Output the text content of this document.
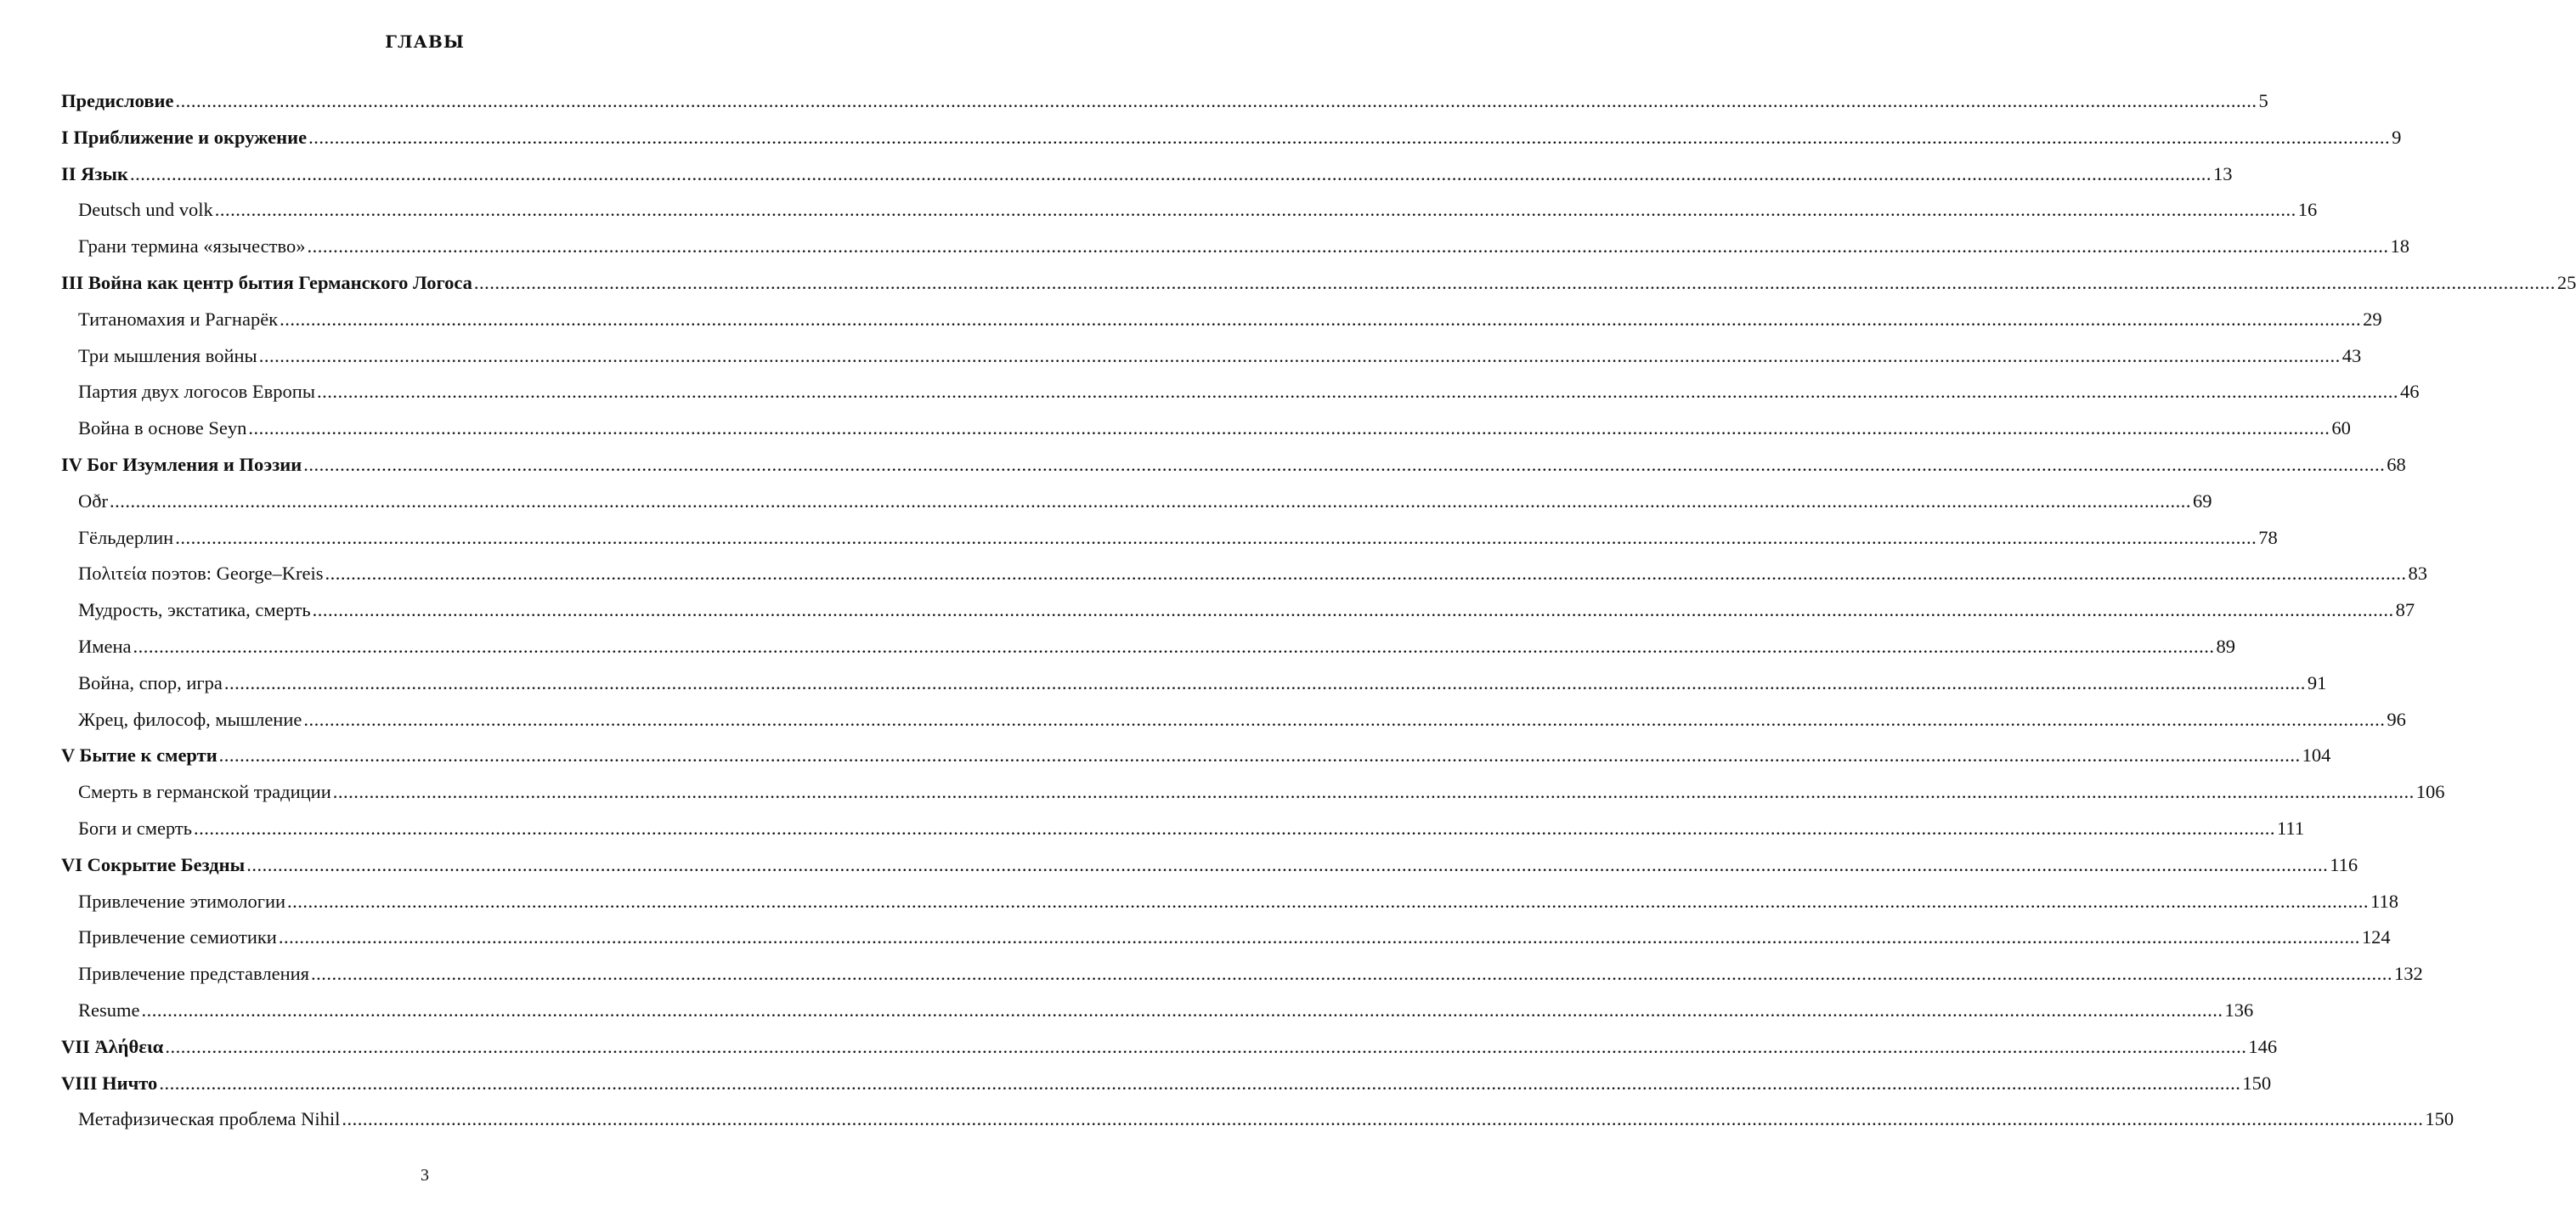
главы
Предисловие ................................................................................................................................................................................................................................................................................................................................................................................................................ 5
I Приближение и окружение ................................................................................................................................................................................................................................................................................................................................................................................................................ 9
II Язык ................................................................................................................................................................................................................................................................................................................................................................................................................ 13
Deutsch und volk ................................................................................................................................................................................................................................................................................................................................................................................................................ 16
Грани термина «язычество» ................................................................................................................................................................................................................................................................................................................................................................................................................ 18
III Война как центр бытия Германского Логоса ................................................................................................................................................................................................................................................................................................................................................................................................................ 25
Титаномахия и Рагнарёк ................................................................................................................................................................................................................................................................................................................................................................................................................ 29
Три мышления войны ................................................................................................................................................................................................................................................................................................................................................................................................................ 43
Партия двух логосов Европы ................................................................................................................................................................................................................................................................................................................................................................................................................ 46
Война в основе Seyn ................................................................................................................................................................................................................................................................................................................................................................................................................ 60
IV Бог Изумления и Поэзии ................................................................................................................................................................................................................................................................................................................................................................................................................ 68
Oðr ................................................................................................................................................................................................................................................................................................................................................................................................................ 69
Гёльдерлин ................................................................................................................................................................................................................................................................................................................................................................................................................ 78
Πολιτεία поэтов: George–Kreis ................................................................................................................................................................................................................................................................................................................................................................................................................ 83
Мудрость, экстатика, смерть ................................................................................................................................................................................................................................................................................................................................................................................................................ 87
Имена ................................................................................................................................................................................................................................................................................................................................................................................................................ 89
Война, спор, игра ................................................................................................................................................................................................................................................................................................................................................................................................................ 91
Жрец, философ, мышление ................................................................................................................................................................................................................................................................................................................................................................................................................ 96
V Бытие к смерти ................................................................................................................................................................................................................................................................................................................................................................................................................ 104
Смерть в германской традиции ................................................................................................................................................................................................................................................................................................................................................................................................................ 106
Боги и смерть ................................................................................................................................................................................................................................................................................................................................................................................................................ 111
VI Сокрытие Бездны ................................................................................................................................................................................................................................................................................................................................................................................................................ 116
Привлечение этимологии ................................................................................................................................................................................................................................................................................................................................................................................................................ 118
Привлечение семиотики ................................................................................................................................................................................................................................................................................................................................................................................................................ 124
Привлечение представления ................................................................................................................................................................................................................................................................................................................................................................................................................ 132
Resume ................................................................................................................................................................................................................................................................................................................................................................................................................ 136
VII Ἀλήθεια ................................................................................................................................................................................................................................................................................................................................................................................................................ 146
VIII Ничто ................................................................................................................................................................................................................................................................................................................................................................................................................ 150
Метафизическая проблема Nihil ................................................................................................................................................................................................................................................................................................................................................................................................................ 150
3
